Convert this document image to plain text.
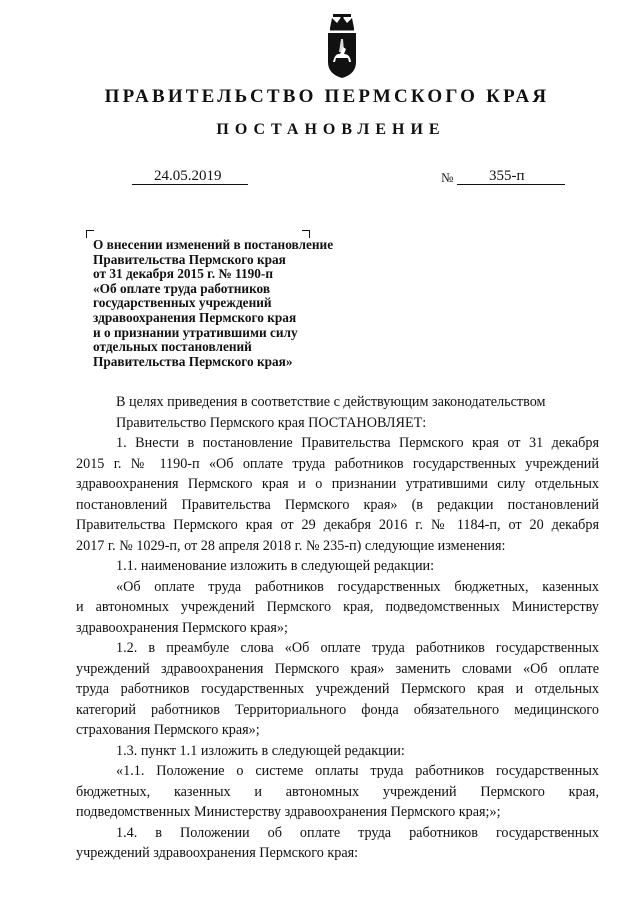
ПРАВИТЕЛЬСТВО ПЕРМСКОГО КРАЯ
ПОСТАНОВЛЕНИЕ
24.05.2019	№ 355-п
О внесении изменений в постановление
Правительства Пермского края
от 31 декабря 2015 г. № 1190-п
«Об оплате труда работников
государственных учреждений
здравоохранения Пермского края
и о признании утратившими силу
отдельных постановлений
Правительства Пермского края»
В целях приведения в соответствие с действующим законодательством
Правительство Пермского края ПОСТАНОВЛЯЕТ:
1. Внести в постановление Правительства Пермского края от 31 декабря
2015 г. № 1190-п «Об оплате труда работников государственных учреждений
здравоохранения Пермского края и о признании утратившими силу отдельных
постановлений Правительства Пермского края» (в редакции постановлений
Правительства Пермского края от 29 декабря 2016 г. № 1184-п, от 20 декабря
2017 г. № 1029-п, от 28 апреля 2018 г. № 235-п) следующие изменения:
1.1. наименование изложить в следующей редакции:
«Об оплате труда работников государственных бюджетных, казенных
и автономных учреждений Пермского края, подведомственных Министерству
здравоохранения Пермского края»;
1.2. в преамбуле слова «Об оплате труда работников государственных
учреждений здравоохранения Пермского края» заменить словами «Об оплате
труда работников государственных учреждений Пермского края и отдельных
категорий работников Территориального фонда обязательного медицинского
страхования Пермского края»;
1.3. пункт 1.1 изложить в следующей редакции:
«1.1. Положение о системе оплаты труда работников государственных
бюджетных, казенных и автономных учреждений Пермского края,
подведомственных Министерству здравоохранения Пермского края;»;
1.4. в Положении об оплате труда работников государственных
учреждений здравоохранения Пермского края:
